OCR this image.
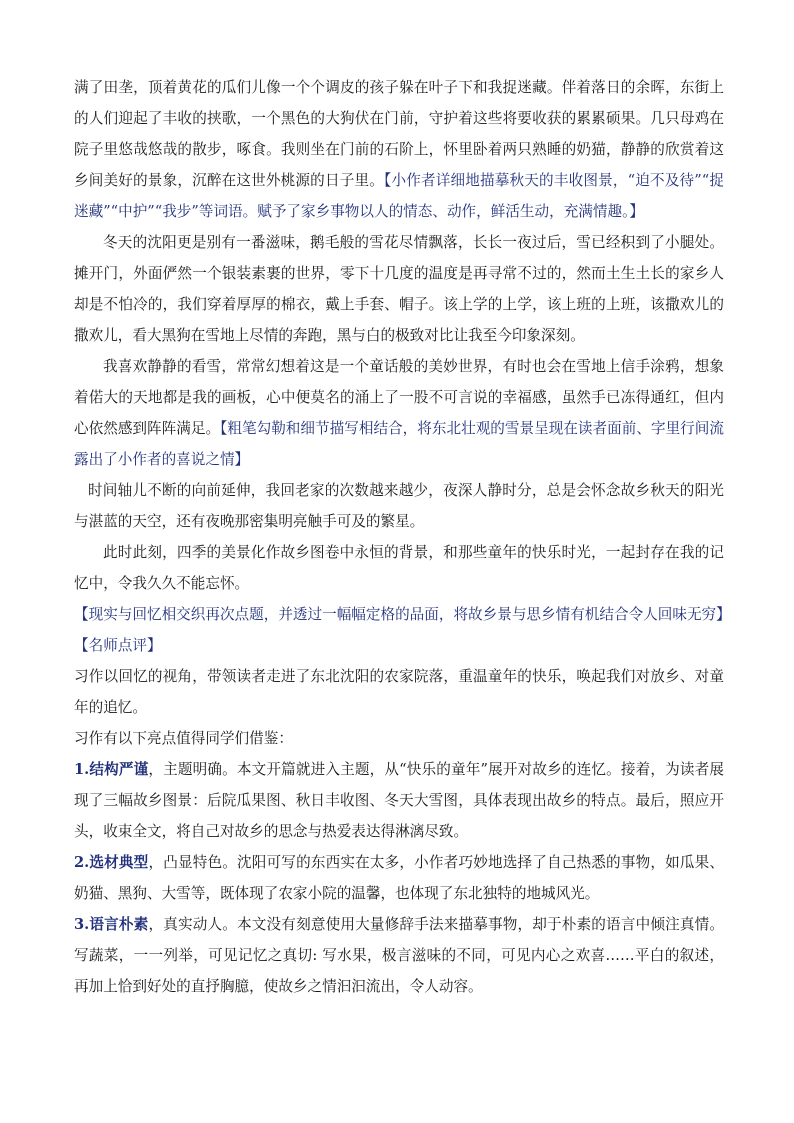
满了田垄，顶着黄花的瓜们儿像一个个调皮的孩子躲在叶子下和我捉迷藏。伴着落日的余晖，东街上的人们迎起了丰收的挟歌，一个黑色的大狗伏在门前，守护着这些将要收获的累累硕果。几只母鸡在院子里悠哉悠哉的散步，啄食。我则坐在门前的石阶上，怀里卧着两只熟睡的奶猫，静静的欣赏着这乡间美好的景象，沉醉在这世外桃源的日子里。【小作者详细地描摹秋天的丰收图景，“迫不及待”“捉迷藏”“中护”“我步”等词语。赋予了家乡事物以人的情态、动作，鲜活生动，充满情趣。】

冬天的沈阳更是别有一番滋味，鹅毛般的雪花尽情飘落，长长一夜过后，雪已经积到了小腿处。摊开门，外面俨然一个银装素裹的世界，零下十几度的温度是再寻常不过的，然而土生土长的家乡人却是不怕冷的，我们穿着厚厚的棉衣，戴上手套、帽子。该上学的上学，该上班的上班，该撒欢儿的撒欢儿，看大黑狗在雪地上尽情的奔跑，黑与白的极致对比让我至今印象深刻。

我喜欢静静的看雪，常常幻想着这是一个童话般的美妙世界，有时也会在雪地上信手涂鸦，想象着偌大的天地都是我的画板，心中便莫名的涌上了一股不可言说的幸福感，虽然手已冻得通红，但内心依然感到阵阵满足。【粗笔勾勒和细节描写相结合，将东北壮观的雪景呈现在读者面前、字里行间流露出了小作者的喜说之情】

时间轴儿不断的向前延伸，我回老家的次数越来越少，夜深人静时分，总是会怀念故乡秋天的阳光与湛蓝的天空，还有夜晚那密集明亮触手可及的繁星。

此时此刻，四季的美景化作故乡图卷中永恒的背景，和那些童年的快乐时光，一起封存在我的记忆中，令我久久不能忘怀。

【现实与回忆相交织再次点题，并透过一幅幅定格的品面，将故乡景与思乡情有机结合令人回味无穷】

【名师点评】

习作以回忆的视角，带领读者走进了东北沈阳的农家院落，重温童年的快乐，唤起我们对放乡、对童年的追忆。

习作有以下亮点值得同学们借鉴：

1.结构严谨，主题明确。本文开篇就进入主题，从“快乐的童年”展开对故乡的连忆。接着，为读者展现了三幅故乡图景：后院瓜果图、秋日丰收图、冬天大雪图，具体表现出故乡的特点。最后，照应开头，收束全文，将自己对故乡的思念与热爱表达得淋漓尽致。

2.选材典型，凸显特色。沈阳可写的东西实在太多，小作者巧妙地选择了自己热悉的事物，如瓜果、奶猫、黑狗、大雪等，既体现了农家小院的温馨，也体现了东北独特的地城风光。

3.语言朴素，真实动人。本文没有刻意使用大量修辞手法来描摹事物，却于朴素的语言中倾注真情。写蔬菜，一一列举，可见记忆之真切: 写水果，极言滋味的不同，可见内心之欢喜……平白的叙述，再加上恰到好处的直抒胸臆，使故乡之情汩汩流出，令人动容。
